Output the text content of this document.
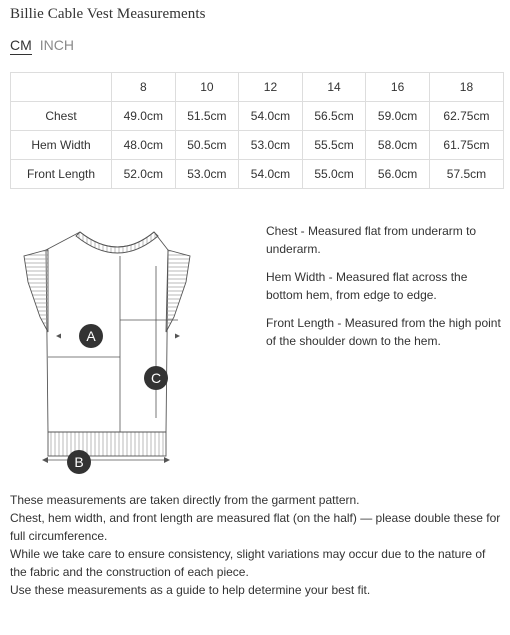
Billie Cable Vest Measurements
CM INCH
	8	10	12	14	16	18
Chest	49.0cm	51.5cm	54.0cm	56.5cm	59.0cm	62.75cm
Hem Width	48.0cm	50.5cm	53.0cm	55.5cm	58.0cm	61.75cm
Front Length	52.0cm	53.0cm	54.0cm	55.0cm	56.0cm	57.5cm
A
B
C
Chest - Measured flat from underarm to underarm.
Hem Width - Measured flat across the bottom hem, from edge to edge.
Front Length - Measured from the high point of the shoulder down to the hem.

These measurements are taken directly from the garment pattern.

Chest, hem width, and front length are measured flat (on the half) — please double these for full circumference.

While we take care to ensure consistency, slight variations may occur due to the nature of the fabric and the construction of each piece.

Use these measurements as a guide to help determine your best fit.
